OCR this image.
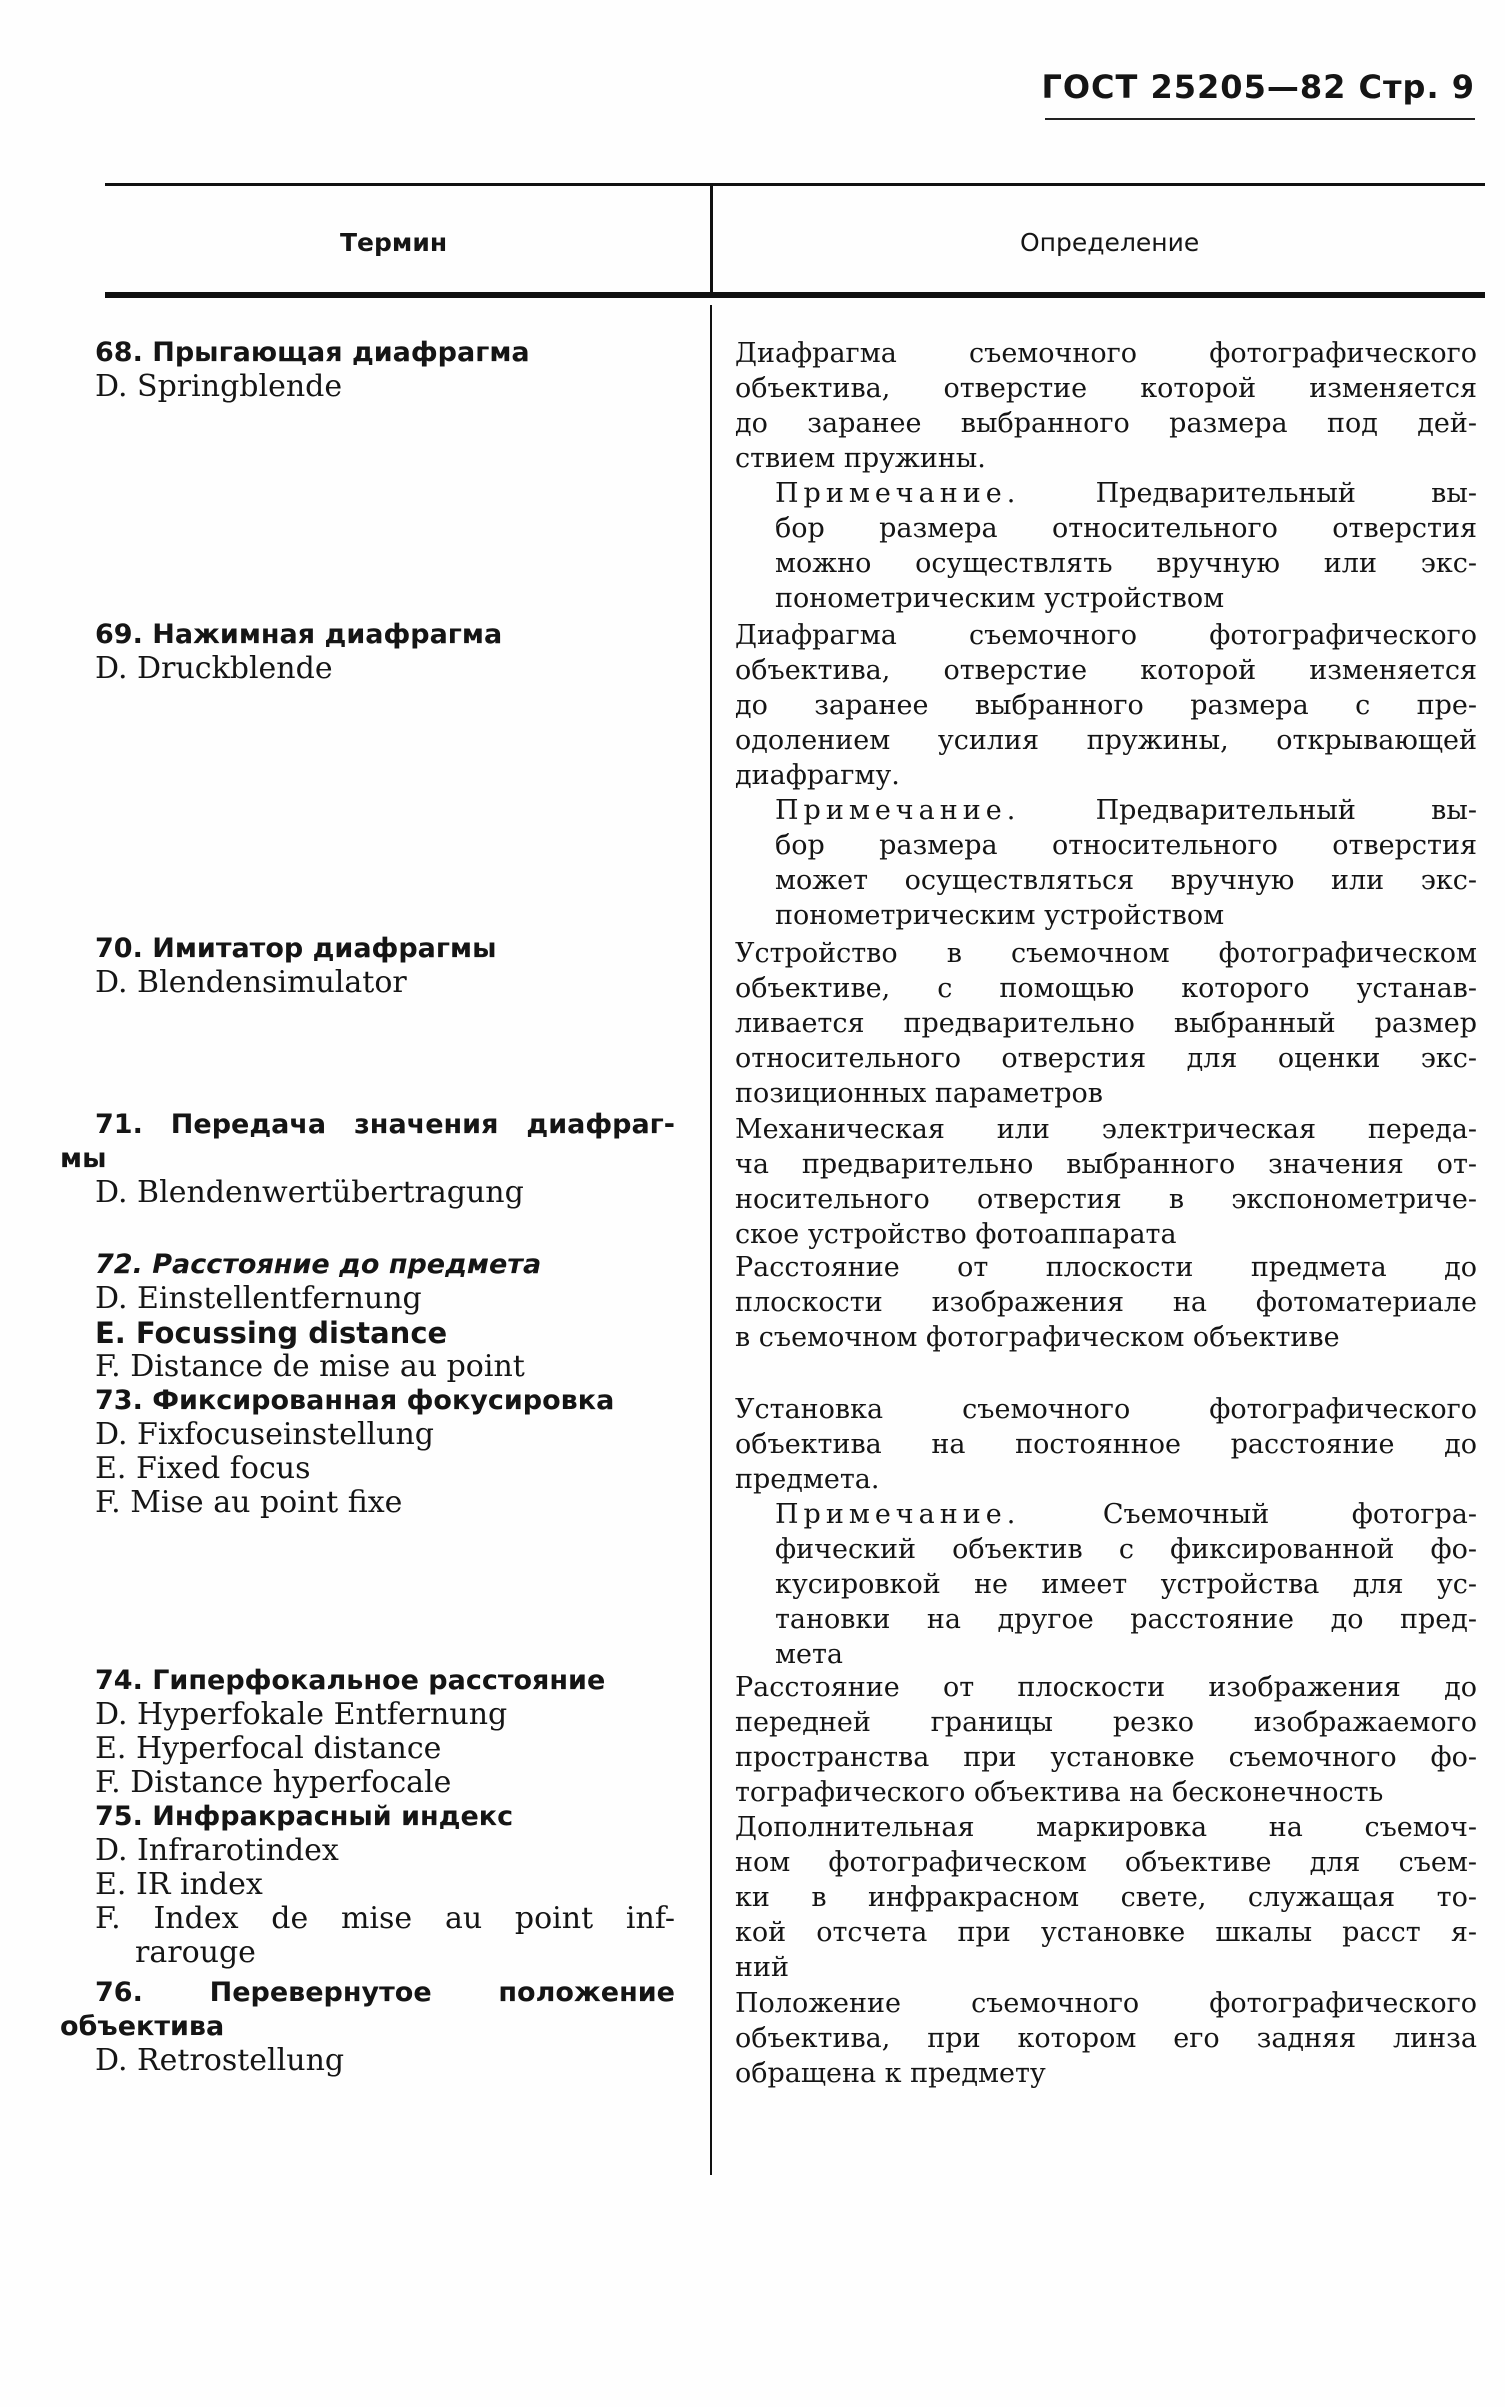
ГОСТ 25205—82 Стр. 9
Термин	Определение
68. Прыгающая диафрагма
D. Springblende
Диафрагма съемочного фотографического
объектива, отверстие которой изменяется
до заранее выбранного размера под дей-
ствием пружины.
Примечание. Предварительный вы-
бор размера относительного отверстия
можно осуществлять вручную или экс-
понометрическим устройством
69. Нажимная диафрагма
D. Druckblende
Диафрагма съемочного фотографического
объектива, отверстие которой изменяется
до заранее выбранного размера с пре-
одолением усилия пружины, открывающей
диафрагму.
Примечание. Предварительный вы-
бор размера относительного отверстия
может осуществляться вручную или экс-
понометрическим устройством
70. Имитатор диафрагмы
D. Blendensimulator
Устройство в съемочном фотографическом
объективе, с помощью которого устанав-
ливается предварительно выбранный размер
относительного отверстия для оценки экс-
позиционных параметров
71. Передача значения диафраг-
мы
D. Blendenwertübertragung
Механическая или электрическая переда-
ча предварительно выбранного значения от-
носительного отверстия в экспонометриче-
ское устройство фотоаппарата
72. Расстояние до предмета
D. Einstellentfernung
E. Focussing distance
F. Distance de mise au point
Расстояние от плоскости предмета до
плоскости изображения на фотоматериале
в съемочном фотографическом объективе
73. Фиксированная фокусировка
D. Fixfocuseinstellung
E. Fixed focus
F. Mise au point fixe
Установка съемочного фотографического
объектива на постоянное расстояние до
предмета.
Примечание. Съемочный фотогра-
фический объектив с фиксированной фо-
кусировкой не имеет устройства для ус-
тановки на другое расстояние до пред-
мета
74. Гиперфокальное расстояние
D. Hyperfokale Entfernung
E. Hyperfocal distance
F. Distance hyperfocale
Расстояние от плоскости изображения до
передней границы резко изображаемого
пространства при установке съемочного фо-
тографического объектива на бесконечность
75. Инфракрасный индекс
D. Infrarotindex
E. IR index
F. Index de mise au point inf-
rarouge
Дополнительная маркировка на съемоч-
ном фотографическом объективе для съем-
ки в инфракрасном свете, служащая то-
кой отсчета при установке шкалы расст я-
ний
76. Перевернутое положение
объектива
D. Retrostellung
Положение съемочного фотографического
объектива, при котором его задняя линза
обращена к предмету
